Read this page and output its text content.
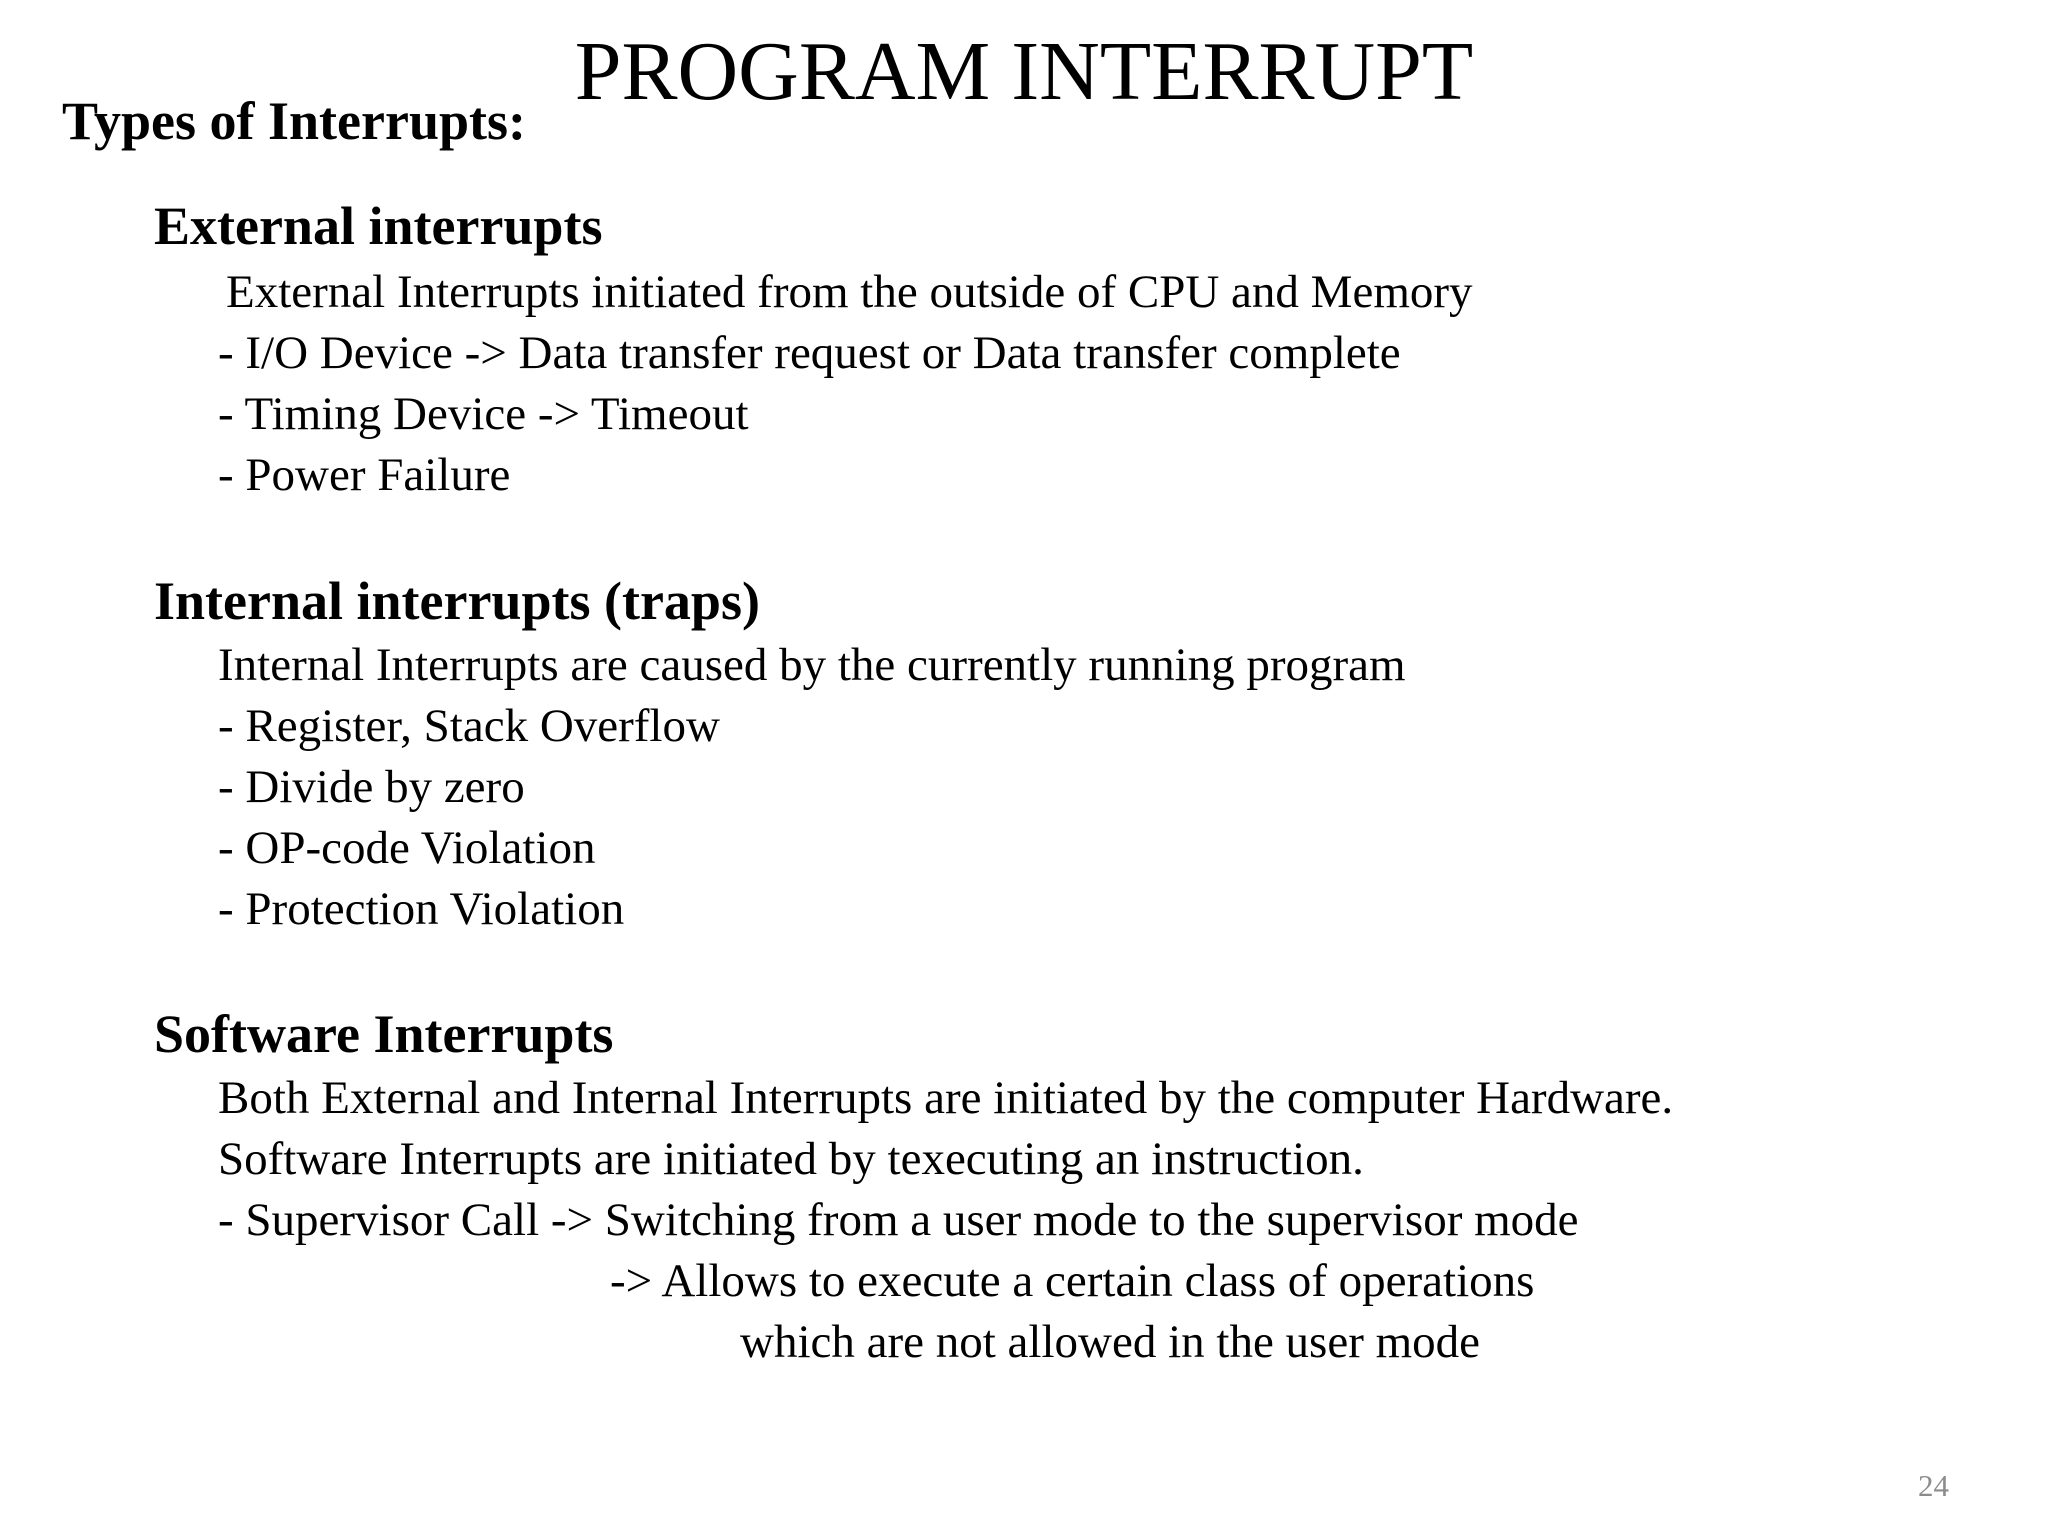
PROGRAM INTERRUPT
Types of Interrupts:
External interrupts
External Interrupts initiated from the outside of CPU and Memory
- I/O Device -> Data transfer request or Data transfer complete
- Timing Device -> Timeout
- Power Failure
Internal interrupts (traps)
Internal Interrupts are caused by the currently running program
- Register, Stack Overflow
- Divide by zero
- OP-code Violation
- Protection Violation
Software Interrupts
Both External and Internal Interrupts are initiated by the computer Hardware.
Software Interrupts are initiated by texecuting an instruction.
- Supervisor Call -> Switching from a user mode to the supervisor mode
-> Allows to execute a certain class of operations
which are not allowed in the user mode
24
